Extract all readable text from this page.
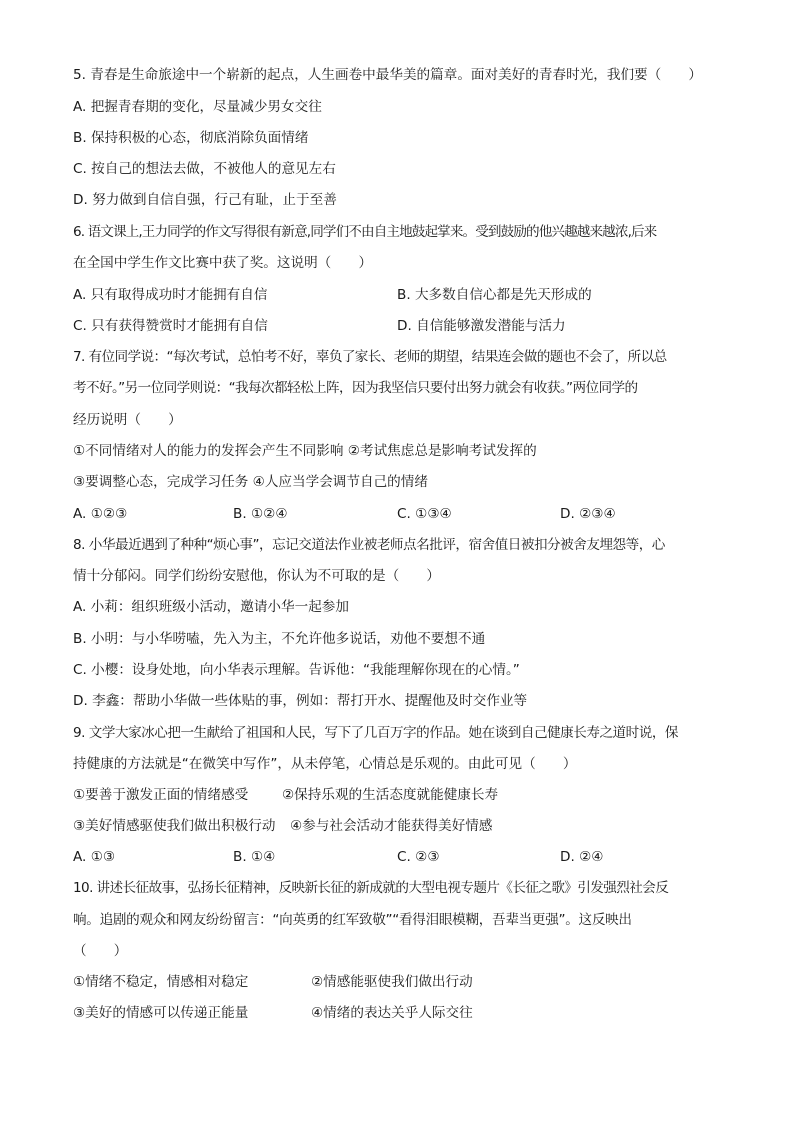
5. 青春是生命旅途中一个崭新的起点，人生画卷中最华美的篇章。面对美好的青春时光，我们要（　　）
A. 把握青春期的变化，尽量减少男女交往
B. 保持积极的心态，彻底消除负面情绪
C. 按自己的想法去做，不被他人的意见左右
D. 努力做到自信自强，行己有耻，止于至善
6. 语文课上,王力同学的作文写得很有新意,同学们不由自主地鼓起掌来。受到鼓励的他兴趣越来越浓,后来
在全国中学生作文比赛中获了奖。这说明（　　）
A. 只有取得成功时才能拥有自信	B. 大多数自信心都是先天形成的
C. 只有获得赞赏时才能拥有自信	D. 自信能够激发潜能与活力
7. 有位同学说：“每次考试，总怕考不好，辜负了家长、老师的期望，结果连会做的题也不会了，所以总
考不好。”另一位同学则说：“我每次都轻松上阵，因为我坚信只要付出努力就会有收获。”两位同学的
经历说明（　　）
①不同情绪对人的能力的发挥会产生不同影响 ②考试焦虑总是影响考试发挥的
③要调整心态，完成学习任务 ④人应当学会调节自己的情绪
A. ①②③	B. ①②④	C. ①③④	D. ②③④
8. 小华最近遇到了种种“烦心事”，忘记交道法作业被老师点名批评，宿舍值日被扣分被舍友埋怨等，心
情十分郁闷。同学们纷纷安慰他，你认为不可取的是（　　）
A. 小莉：组织班级小活动，邀请小华一起参加
B. 小明：与小华唠嗑，先入为主，不允许他多说话，劝他不要想不通
C. 小樱：设身处地，向小华表示理解。告诉他：“我能理解你现在的心情。”
D. 李鑫：帮助小华做一些体贴的事，例如：帮打开水、提醒他及时交作业等
9. 文学大家冰心把一生献给了祖国和人民，写下了几百万字的作品。她在谈到自己健康长寿之道时说，保
持健康的方法就是“在微笑中写作”，从未停笔，心情总是乐观的。由此可见（　　）
①要善于激发正面的情绪感受 ②保持乐观的生活态度就能健康长寿
③美好情感驱使我们做出积极行动 ④参与社会活动才能获得美好情感
A. ①③	B. ①④	C. ②③	D. ②④
10. 讲述长征故事，弘扬长征精神，反映新长征的新成就的大型电视专题片《长征之歌》引发强烈社会反
响。追剧的观众和网友纷纷留言：“向英勇的红军致敬”“看得泪眼模糊，吾辈当更强”。这反映出
（　　）
①情绪不稳定，情感相对稳定	②情感能驱使我们做出行动
③美好的情感可以传递正能量	④情绪的表达关乎人际交往
